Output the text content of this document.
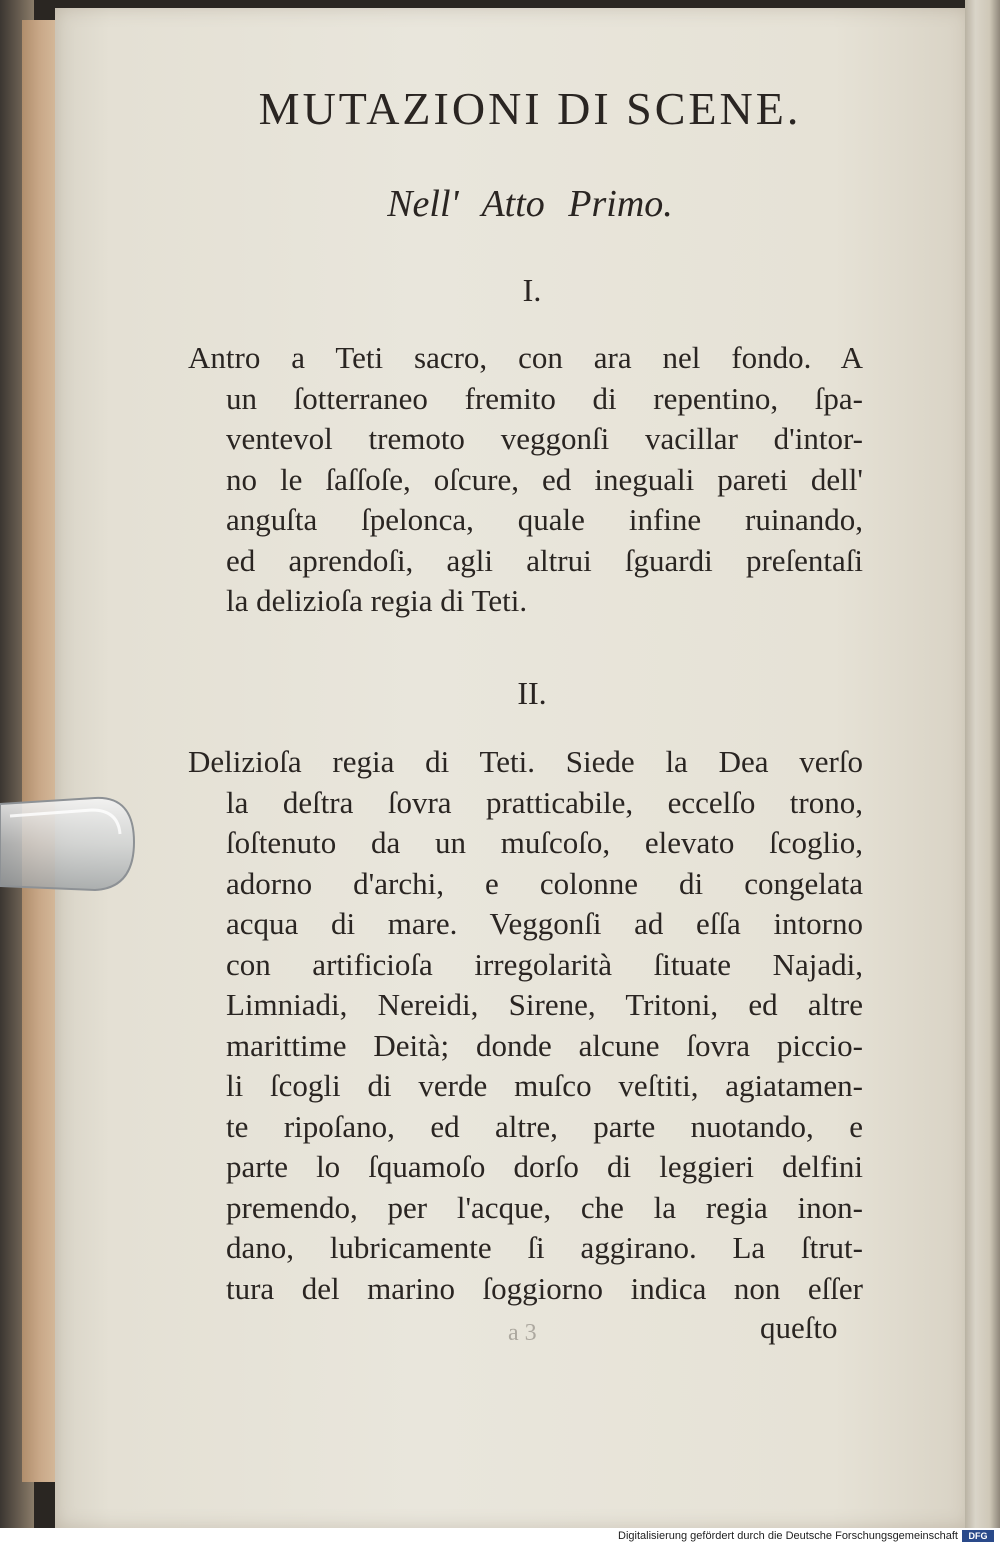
MUTAZIONI DI SCENE.
Nell' Atto Primo.
I.
Antro a Teti sacro, con ara nel fondo. A
un ſotterraneo fremito di repentino, ſpa-
ventevol tremoto veggonſi vacillar d'intor-
no le ſaſſoſe, oſcure, ed ineguali pareti dell'
anguſta ſpelonca, quale infine ruinando,
ed aprendoſi, agli altrui ſguardi preſentaſi
la delizioſa regia di Teti.
II.
Delizioſa regia di Teti. Siede la Dea verſo
la deſtra ſovra pratticabile, eccelſo trono,
ſoſtenuto da un muſcoſo, elevato ſcoglio,
adorno d'archi, e colonne di congelata
acqua di mare. Veggonſi ad eſſa intorno
con artificioſa irregolarità ſituate Najadi,
Limniadi, Nereidi, Sirene, Tritoni, ed altre
marittime Deità; donde alcune ſovra piccio-
li ſcogli di verde muſco veſtiti, agiatamen-
te ripoſano, ed altre, parte nuotando, e
parte lo ſquamoſo dorſo di leggieri delfini
premendo, per l'acque, che la regia inon-
dano, lubricamente ſi aggirano. La ſtrut-
tura del marino ſoggiorno indica non eſſer
a 3	queſto
Digitalisierung gefördert durch die Deutsche Forschungsgemeinschaft	DFG
